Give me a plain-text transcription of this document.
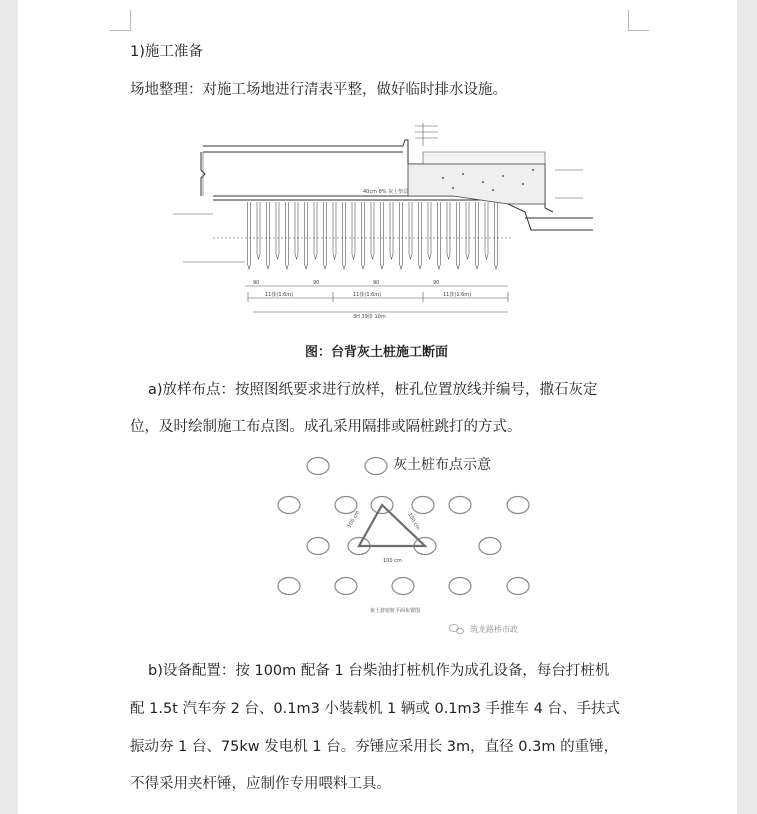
1)施工准备
场地整理：对施工场地进行清表平整，做好临时排水设施。
40cm 8% 灰土垫层
90	90	90	90
11排(1.6m)	11排(1.6m)	11排(1.6m)
3H 39排 10m
图：台背灰土桩施工断面
a)放样布点：按照图纸要求进行放样，桩孔位置放线并编号，撒石灰定
位，及时绘制施工布点图。成孔采用隔排或隔桩跳打的方式。
灰土桩布点示意
100 cm	100 cm
100 cm
灰土挤密桩平面布置图
筑龙路桥市政
b)设备配置：按 100m 配备 1 台柴油打桩机作为成孔设备，每台打桩机
配 1.5t 汽车夯 2 台、0.1m3 小装载机 1 辆或 0.1m3 手推车 4 台、手扶式
振动夯 1 台、75kw 发电机 1 台。夯锤应采用长 3m，直径 0.3m 的重锤，
不得采用夹杆锤，应制作专用喂料工具。
